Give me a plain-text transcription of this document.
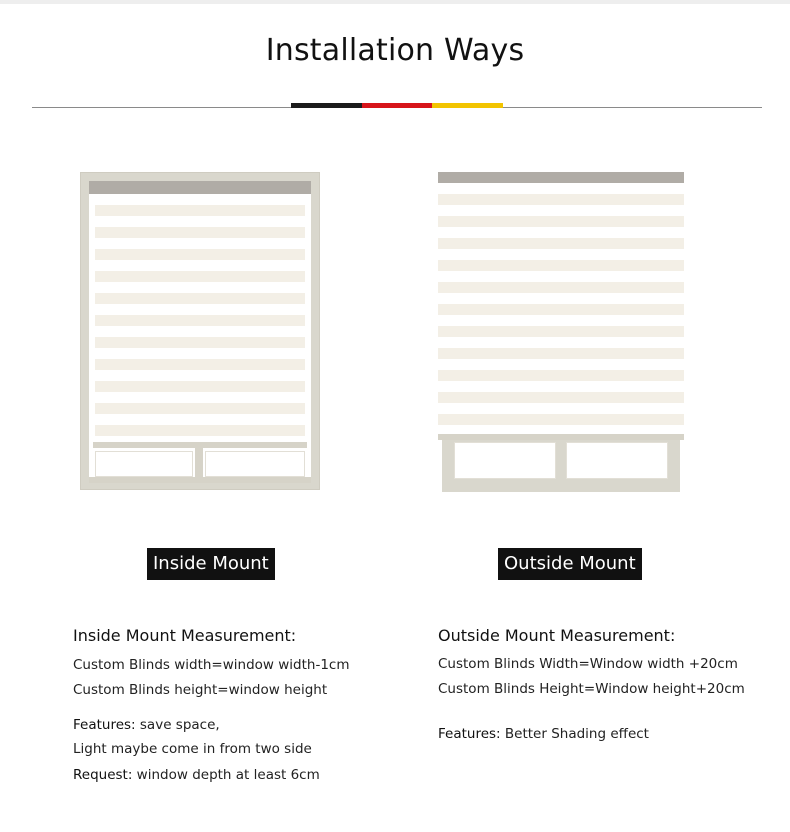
Installation Ways
Inside Mount	Outside Mount

Inside Mount Measurement:

Custom Blinds width=window width-1cm

Custom Blinds height=window height

Features: save space,

Light maybe come in from two side

Request: window depth at least 6cm

Outside Mount Measurement:

Custom Blinds Width=Window width +20cm

Custom Blinds Height=Window height+20cm

Features: Better Shading effect
